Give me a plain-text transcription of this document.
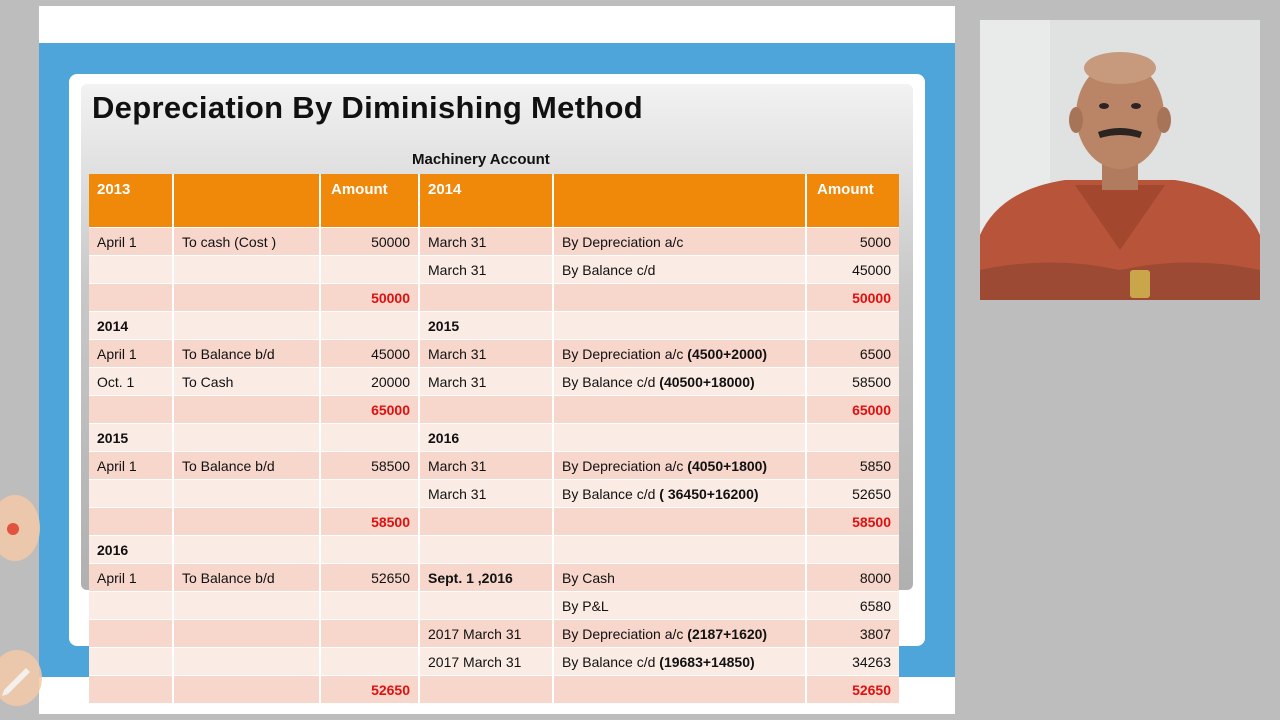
Depreciation By Diminishing Method
Machinery Account
2013		Amount	2014		Amount
April 1	To cash (Cost )	50000	March 31	By Depreciation a/c	5000
			March 31	By Balance c/d	45000
		50000			50000
2014			2015		
April 1	To Balance b/d	45000	March 31	By Depreciation a/c (4500+2000)	6500
Oct. 1	To Cash	20000	March 31	By Balance c/d (40500+18000)	58500
		65000			65000
2015			2016		
April 1	To Balance b/d	58500	March 31	By Depreciation a/c (4050+1800)	5850
			March 31	By Balance c/d ( 36450+16200)	52650
		58500			58500
2016					
April 1	To Balance b/d	52650	Sept. 1 ,2016	By Cash	8000
				By P&L	6580
			2017 March 31	By Depreciation a/c (2187+1620)	3807
			2017 March 31	By Balance c/d (19683+14850)	34263
		52650			52650
